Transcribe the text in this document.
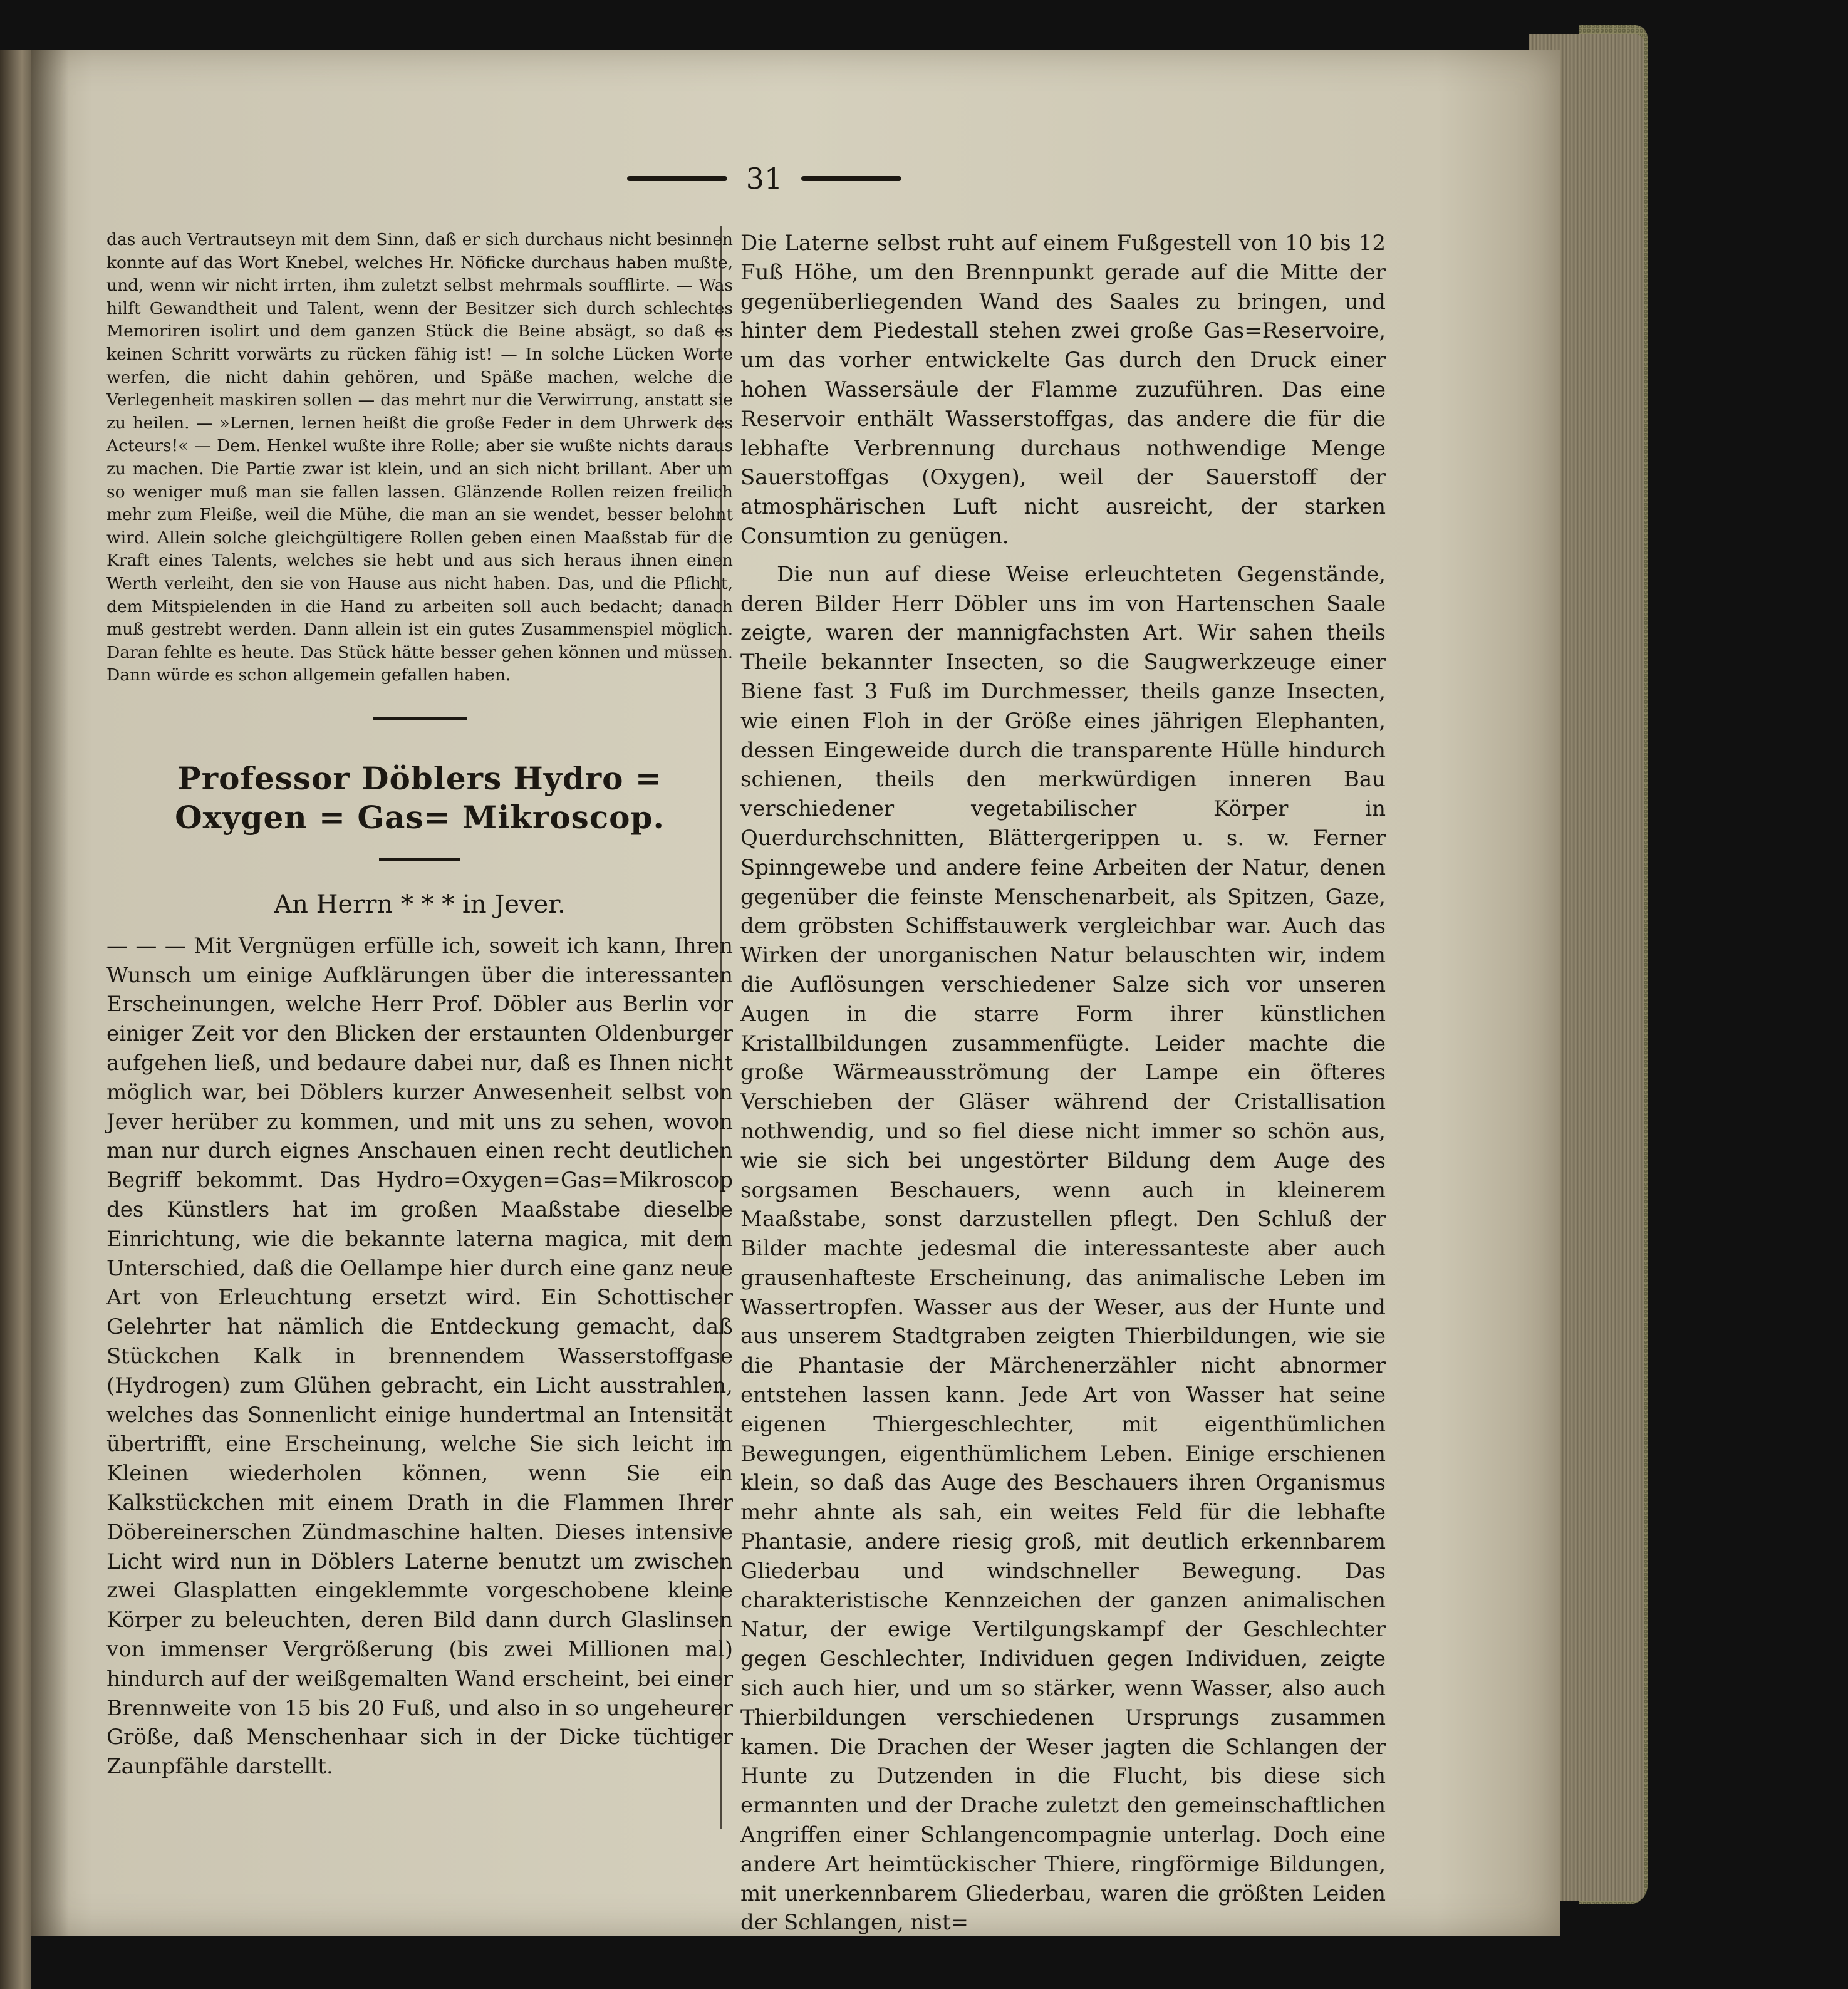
31

das auch Vertrautseyn mit dem Sinn, daß er sich durchaus nicht besinnen konnte auf das Wort Knebel, welches Hr. Nöficke durchaus haben mußte, und, wenn wir nicht irrten, ihm zuletzt selbst mehrmals soufflirte. — Was hilft Gewandtheit und Talent, wenn der Besitzer sich durch schlechtes Memoriren isolirt und dem ganzen Stück die Beine absägt, so daß es keinen Schritt vorwärts zu rücken fähig ist! — In solche Lücken Worte werfen, die nicht dahin gehören, und Späße machen, welche die Verlegenheit maskiren sollen — das mehrt nur die Verwirrung, anstatt sie zu heilen. — »Lernen, lernen heißt die große Feder in dem Uhrwerk des Acteurs!« — Dem. Henkel wußte ihre Rolle; aber sie wußte nichts daraus zu machen. Die Partie zwar ist klein, und an sich nicht brillant. Aber um so weniger muß man sie fallen lassen. Glänzende Rollen reizen freilich mehr zum Fleiße, weil die Mühe, die man an sie wendet, besser belohnt wird. Allein solche gleichgültigere Rollen geben einen Maaßstab für die Kraft eines Talents, welches sie hebt und aus sich heraus ihnen einen Werth verleiht, den sie von Hause aus nicht haben. Das, und die Pflicht, dem Mitspielenden in die Hand zu arbeiten soll auch bedacht; danach muß gestrebt werden. Dann allein ist ein gutes Zusammenspiel möglich. Daran fehlte es heute. Das Stück hätte besser gehen können und müssen. Dann würde es schon allgemein gefallen haben.

Professor Döblers Hydro = Oxygen = Gas= Mikroscop.

An Herrn * * * in Jever.

— — — Mit Vergnügen erfülle ich, soweit ich kann, Ihren Wunsch um einige Aufklärungen über die interessanten Erscheinungen, welche Herr Prof. Döbler aus Berlin vor einiger Zeit vor den Blicken der erstaunten Oldenburger aufgehen ließ, und bedaure dabei nur, daß es Ihnen nicht möglich war, bei Döblers kurzer Anwesenheit selbst von Jever herüber zu kommen, und mit uns zu sehen, wovon man nur durch eignes Anschauen einen recht deutlichen Begriff bekommt. Das Hydro=Oxygen=Gas=Mikroscop des Künstlers hat im großen Maaßstabe dieselbe Einrichtung, wie die bekannte laterna magica, mit dem Unterschied, daß die Oellampe hier durch eine ganz neue Art von Erleuchtung ersetzt wird. Ein Schottischer Gelehrter hat nämlich die Entdeckung gemacht, daß Stückchen Kalk in brennendem Wasserstoffgase (Hydrogen) zum Glühen gebracht, ein Licht ausstrahlen, welches das Sonnenlicht einige hundertmal an Intensität übertrifft, eine Erscheinung, welche Sie sich leicht im Kleinen wiederholen können, wenn Sie ein Kalkstückchen mit einem Drath in die Flammen Ihrer Döbereinerschen Zündmaschine halten. Dieses intensive Licht wird nun in Döblers Laterne benutzt um zwischen zwei Glasplatten eingeklemmte vorgeschobene kleine Körper zu beleuchten, deren Bild dann durch Glaslinsen von immenser Vergrößerung (bis zwei Millionen mal) hindurch auf der weißgemalten Wand erscheint, bei einer Brennweite von 15 bis 20 Fuß, und also in so ungeheurer Größe, daß Menschenhaar sich in der Dicke tüchtiger Zaunpfähle darstellt.

Die Laterne selbst ruht auf einem Fußgestell von 10 bis 12 Fuß Höhe, um den Brennpunkt gerade auf die Mitte der gegenüberliegenden Wand des Saales zu bringen, und hinter dem Piedestall stehen zwei große Gas=Reservoire, um das vorher entwickelte Gas durch den Druck einer hohen Wassersäule der Flamme zuzuführen. Das eine Reservoir enthält Wasserstoffgas, das andere die für die lebhafte Verbrennung durchaus nothwendige Menge Sauerstoffgas (Oxygen), weil der Sauerstoff der atmosphärischen Luft nicht ausreicht, der starken Consumtion zu genügen.

Die nun auf diese Weise erleuchteten Gegenstände, deren Bilder Herr Döbler uns im von Hartenschen Saale zeigte, waren der mannigfachsten Art. Wir sahen theils Theile bekannter Insecten, so die Saugwerkzeuge einer Biene fast 3 Fuß im Durchmesser, theils ganze Insecten, wie einen Floh in der Größe eines jährigen Elephanten, dessen Eingeweide durch die transparente Hülle hindurch schienen, theils den merkwürdigen inneren Bau verschiedener vegetabilischer Körper in Querdurchschnitten, Blättergerippen u. s. w. Ferner Spinngewebe und andere feine Arbeiten der Natur, denen gegenüber die feinste Menschenarbeit, als Spitzen, Gaze, dem gröbsten Schiffstauwerk vergleichbar war. Auch das Wirken der unorganischen Natur belauschten wir, indem die Auflösungen verschiedener Salze sich vor unseren Augen in die starre Form ihrer künstlichen Kristallbildungen zusammenfügte. Leider machte die große Wärmeausströmung der Lampe ein öfteres Verschieben der Gläser während der Cristallisation nothwendig, und so fiel diese nicht immer so schön aus, wie sie sich bei ungestörter Bildung dem Auge des sorgsamen Beschauers, wenn auch in kleinerem Maaßstabe, sonst darzustellen pflegt. Den Schluß der Bilder machte jedesmal die interessanteste aber auch grausenhafteste Erscheinung, das animalische Leben im Wassertropfen. Wasser aus der Weser, aus der Hunte und aus unserem Stadtgraben zeigten Thierbildungen, wie sie die Phantasie der Märchenerzähler nicht abnormer entstehen lassen kann. Jede Art von Wasser hat seine eigenen Thiergeschlechter, mit eigenthümlichen Bewegungen, eigenthümlichem Leben. Einige erschienen klein, so daß das Auge des Beschauers ihren Organismus mehr ahnte als sah, ein weites Feld für die lebhafte Phantasie, andere riesig groß, mit deutlich erkennbarem Gliederbau und windschneller Bewegung. Das charakteristische Kennzeichen der ganzen animalischen Natur, der ewige Vertilgungskampf der Geschlechter gegen Geschlechter, Individuen gegen Individuen, zeigte sich auch hier, und um so stärker, wenn Wasser, also auch Thierbildungen verschiedenen Ursprungs zusammen kamen. Die Drachen der Weser jagten die Schlangen der Hunte zu Dutzenden in die Flucht, bis diese sich ermannten und der Drache zuletzt den gemeinschaftlichen Angriffen einer Schlangencompagnie unterlag. Doch eine andere Art heimtückischer Thiere, ringförmige Bildungen, mit unerkennbarem Gliederbau, waren die größten Leiden der Schlangen, nist=
